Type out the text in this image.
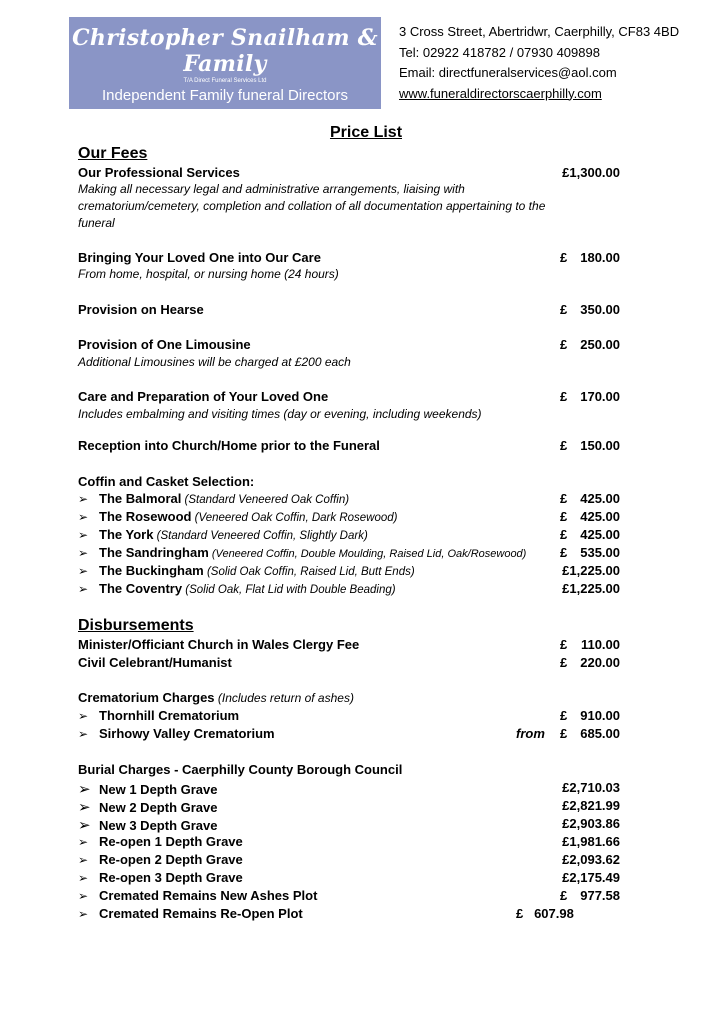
Christopher Snailham & Family
T/A Direct Funeral Services Ltd
Independent Family funeral Directors
Caerphilly
3 Cross Street, Abertridwr, Caerphilly, CF83 4BD
Tel: 02922 418782 / 07930 409898
Email: directfuneralservices@aol.com
www.funeraldirectorscaerphilly.com
Price List
Our Fees
Our Professional Services	£1,300.00
Making all necessary legal and administrative arrangements, liaising with crematorium/cemetery, completion and collation of all documentation appertaining to the funeral
Bringing Your Loved One into Our Care	£ 180.00
From home, hospital, or nursing home (24 hours)
Provision on Hearse	£ 350.00
Provision of One Limousine	£ 250.00
Additional Limousines will be charged at £200 each
Care and Preparation of Your Loved One	£ 170.00
Includes embalming and visiting times (day or evening, including weekends)
Reception into Church/Home prior to the Funeral	£ 150.00
Coffin and Casket Selection:
➢ The Balmoral (Standard Veneered Oak Coffin)	£ 425.00
➢ The Rosewood (Veneered Oak Coffin, Dark Rosewood)	£ 425.00
➢ The York (Standard Veneered Coffin, Slightly Dark)	£ 425.00
➢ The Sandringham (Veneered Coffin, Double Moulding, Raised Lid, Oak/Rosewood)	£ 535.00
➢ The Buckingham (Solid Oak Coffin, Raised Lid, Butt Ends)	£1,225.00
➢ The Coventry (Solid Oak, Flat Lid with Double Beading)	£1,225.00
Disbursements
Minister/Officiant Church in Wales Clergy Fee	£ 110.00
Civil Celebrant/Humanist	£ 220.00
Crematorium Charges (Includes return of ashes)
➢ Thornhill Crematorium	£ 910.00
➢ Sirhowy Valley Crematorium	from £ 685.00
Burial Charges - Caerphilly County Borough Council
➢ New 1 Depth Grave	£2,710.03
➢ New 2 Depth Grave	£2,821.99
➢ New 3 Depth Grave	£2,903.86
➢ Re-open 1 Depth Grave	£1,981.66
➢ Re-open 2 Depth Grave	£2,093.62
➢ Re-open 3 Depth Grave	£2,175.49
➢ Cremated Remains New Ashes Plot	£ 977.58
➢ Cremated Remains Re-Open Plot	£   607.98
